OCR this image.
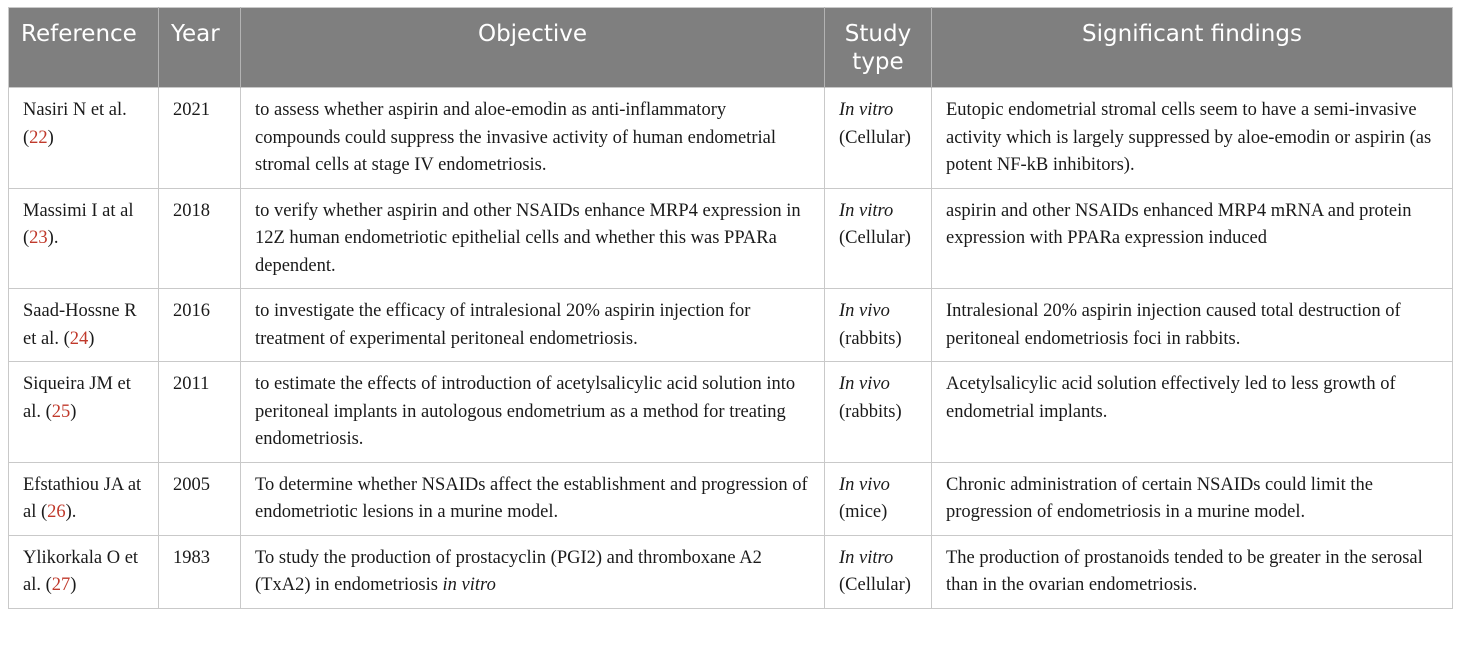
Reference	Year	Objective	Study type	Significant findings
Nasiri N et al. (22)	2021	to assess whether aspirin and aloe-emodin as anti-inflammatory compounds could suppress the invasive activity of human endometrial stromal cells at stage IV endometriosis.	In vitro (Cellular)	Eutopic endometrial stromal cells seem to have a semi-invasive activity which is largely suppressed by aloe-emodin or aspirin (as potent NF-kB inhibitors).
Massimi I at al (23).	2018	to verify whether aspirin and other NSAIDs enhance MRP4 expression in 12Z human endometriotic epithelial cells and whether this was PPARa dependent.	In vitro (Cellular)	aspirin and other NSAIDs enhanced MRP4 mRNA and protein expression with PPARa expression induced
Saad-Hossne R et al. (24)	2016	to investigate the efficacy of intralesional 20% aspirin injection for treatment of experimental peritoneal endometriosis.	In vivo (rabbits)	Intralesional 20% aspirin injection caused total destruction of peritoneal endometriosis foci in rabbits.
Siqueira JM et al. (25)	2011	to estimate the effects of introduction of acetylsalicylic acid solution into peritoneal implants in autologous endometrium as a method for treating endometriosis.	In vivo (rabbits)	Acetylsalicylic acid solution effectively led to less growth of endometrial implants.
Efstathiou JA at al (26).	2005	To determine whether NSAIDs affect the establishment and progression of endometriotic lesions in a murine model.	In vivo (mice)	Chronic administration of certain NSAIDs could limit the progression of endometriosis in a murine model.
Ylikorkala O et al. (27)	1983	To study the production of prostacyclin (PGI2) and thromboxane A2 (TxA2) in endometriosis in vitro	In vitro (Cellular)	The production of prostanoids tended to be greater in the serosal than in the ovarian endometriosis.
